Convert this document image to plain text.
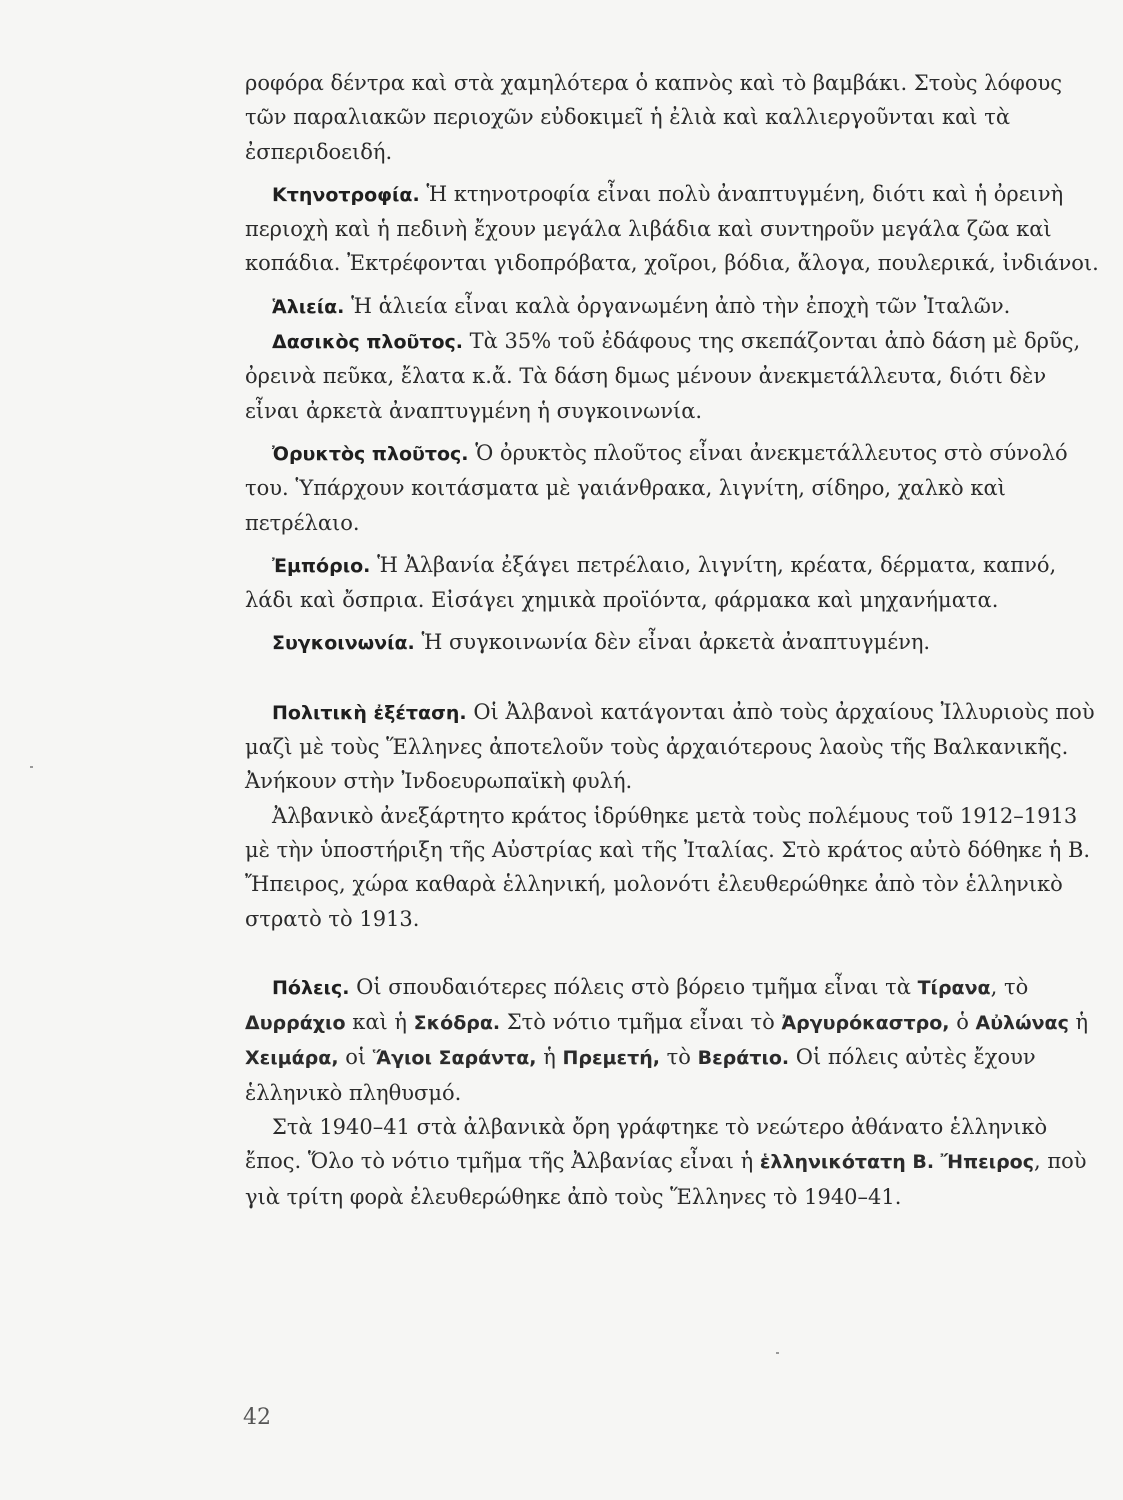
ροφόρα δέντρα καὶ στὰ χαμηλότερα ὁ καπνὸς καὶ τὸ βαμβάκι. Στοὺς λόφους τῶν παραλιακῶν περιοχῶν εὐδοκιμεῖ ἡ ἐλιὰ καὶ καλλιεργοῦνται καὶ τὰ ἐσπεριδοειδή.

Κτηνοτροφία. Ἡ κτηνοτροφία εἶναι πολὺ ἀναπτυγμένη, διότι καὶ ἡ ὀρεινὴ περιοχὴ καὶ ἡ πεδινὴ ἔχουν μεγάλα λιβάδια καὶ συντηροῦν μεγάλα ζῶα καὶ κοπάδια. Ἐκτρέφονται γιδοπρόβατα, χοῖροι, βόδια, ἄλογα, πουλερικά, ἰνδιάνοι.

Ἁλιεία. Ἡ ἁλιεία εἶναι καλὰ ὀργανωμένη ἀπὸ τὴν ἐποχὴ τῶν Ἰταλῶν.

Δασικὸς πλοῦτος. Τὰ 35% τοῦ ἐδάφους της σκεπάζονται ἀπὸ δάση μὲ δρῦς, ὀρεινὰ πεῦκα, ἔλατα κ.ἄ. Τὰ δάση δμως μένουν ἀνεκμετάλλευτα, διότι δὲν εἶναι ἀρκετὰ ἀναπτυγμένη ἡ συγκοινωνία.

Ὀρυκτὸς πλοῦτος. Ὁ ὀρυκτὸς πλοῦτος εἶναι ἀνεκμετάλλευτος στὸ σύνολό του. Ὑπάρχουν κοιτάσματα μὲ γαιάνθρακα, λιγνίτη, σίδηρο, χαλκὸ καὶ πετρέλαιο.

Ἐμπόριο. Ἡ Ἀλβανία ἐξάγει πετρέλαιο, λιγνίτη, κρέατα, δέρματα, καπνό, λάδι καὶ ὄσπρια. Εἰσάγει χημικὰ προϊόντα, φάρμακα καὶ μηχανήματα.

Συγκοινωνία. Ἡ συγκοινωνία δὲν εἶναι ἀρκετὰ ἀναπτυγμένη.

Πολιτικὴ ἐξέταση. Οἱ Ἀλβανοὶ κατάγονται ἀπὸ τοὺς ἀρχαίους Ἰλλυριοὺς ποὺ μαζὶ μὲ τοὺς Ἕλληνες ἀποτελοῦν τοὺς ἀρχαιότερους λαοὺς τῆς Βαλκανικῆς. Ἀνήκουν στὴν Ἰνδοευρωπαϊκὴ φυλή.

Ἀλβανικὸ ἀνεξάρτητο κράτος ἱδρύθηκε μετὰ τοὺς πολέμους τοῦ 1912–1913 μὲ τὴν ὑποστήριξη τῆς Αὐστρίας καὶ τῆς Ἰταλίας. Στὸ κράτος αὐτὸ δόθηκε ἡ Β. Ἤπειρος, χώρα καθαρὰ ἑλληνική, μολονότι ἐλευθερώθηκε ἀπὸ τὸν ἑλληνικὸ στρατὸ τὸ 1913.

Πόλεις. Οἱ σπουδαιότερες πόλεις στὸ βόρειο τμῆμα εἶναι τὰ Τίρανα, τὸ Δυρράχιο καὶ ἡ Σκόδρα. Στὸ νότιο τμῆμα εἶναι τὸ Ἀργυρόκαστρο, ὁ Αὐλώνας ἡ Χειμάρα, οἱ Ἅγιοι Σαράντα, ἡ Πρεμετή, τὸ Βεράτιο. Οἱ πόλεις αὐτὲς ἔχουν ἑλληνικὸ πληθυσμό.

Στὰ 1940–41 στὰ ἀλβανικὰ ὄρη γράφτηκε τὸ νεώτερο ἀθάνατο ἑλληνικὸ ἔπος. Ὅλο τὸ νότιο τμῆμα τῆς Ἀλβανίας εἶναι ἡ ἑλληνικότατη Β. Ἤπειρος, ποὺ γιὰ τρίτη φορὰ ἐλευθερώθηκε ἀπὸ τοὺς Ἕλληνες τὸ 1940–41.

42
